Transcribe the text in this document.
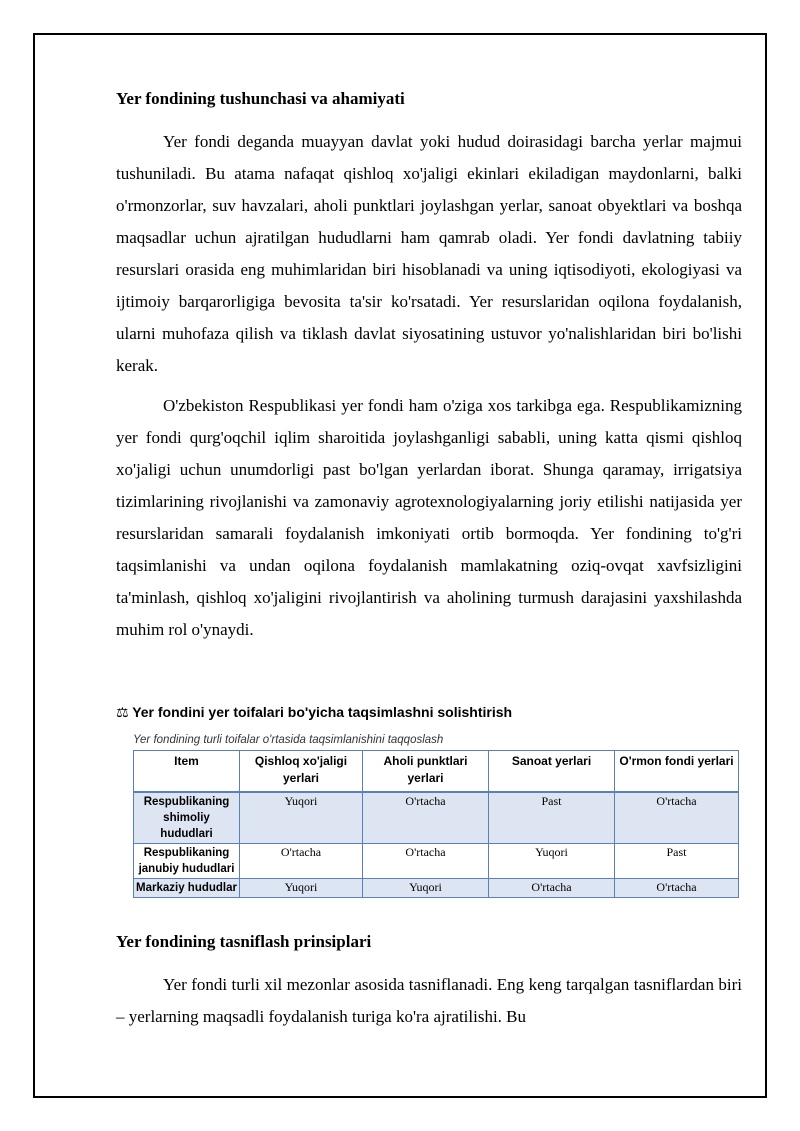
Yer fondining tushunchasi va ahamiyati

Yer fondi deganda muayyan davlat yoki hudud doirasidagi barcha yerlar majmui tushuniladi. Bu atama nafaqat qishloq xo'jaligi ekinlari ekiladigan maydonlarni, balki o'rmonzorlar, suv havzalari, aholi punktlari joylashgan yerlar, sanoat obyektlari va boshqa maqsadlar uchun ajratilgan hududlarni ham qamrab oladi. Yer fondi davlatning tabiiy resurslari orasida eng muhimlaridan biri hisoblanadi va uning iqtisodiyoti, ekologiyasi va ijtimoiy barqarorligiga bevosita ta'sir ko'rsatadi. Yer resurslaridan oqilona foydalanish, ularni muhofaza qilish va tiklash davlat siyosatining ustuvor yo'nalishlaridan biri bo'lishi kerak.

O'zbekiston Respublikasi yer fondi ham o'ziga xos tarkibga ega. Respublikamizning yer fondi qurg'oqchil iqlim sharoitida joylashganligi sababli, uning katta qismi qishloq xo'jaligi uchun unumdorligi past bo'lgan yerlardan iborat. Shunga qaramay, irrigatsiya tizimlarining rivojlanishi va zamonaviy agrotexnologiyalarning joriy etilishi natijasida yer resurslaridan samarali foydalanish imkoniyati ortib bormoqda. Yer fondining to'g'ri taqsimlanishi va undan oqilona foydalanish mamlakatning oziq-ovqat xavfsizligini ta'minlash, qishloq xo'jaligini rivojlantirish va aholining turmush darajasini yaxshilashda muhim rol o'ynaydi.

⚖ Yer fondini yer toifalari bo'yicha taqsimlashni solishtirish
Yer fondining turli toifalar o'rtasida taqsimlanishini taqqoslash
Item	Qishloq xo'jaligi yerlari	Aholi punktlari yerlari	Sanoat yerlari	O'rmon fondi yerlari
Respublikaning shimoliy hududlari	Yuqori	O'rtacha	Past	O'rtacha
Respublikaning janubiy hududlari	O'rtacha	O'rtacha	Yuqori	Past
Markaziy hududlar	Yuqori	Yuqori	O'rtacha	O'rtacha
Yer fondining tasniflash prinsiplari

Yer fondi turli xil mezonlar asosida tasniflanadi. Eng keng tarqalgan tasniflardan biri – yerlarning maqsadli foydalanish turiga ko'ra ajratilishi. Bu
